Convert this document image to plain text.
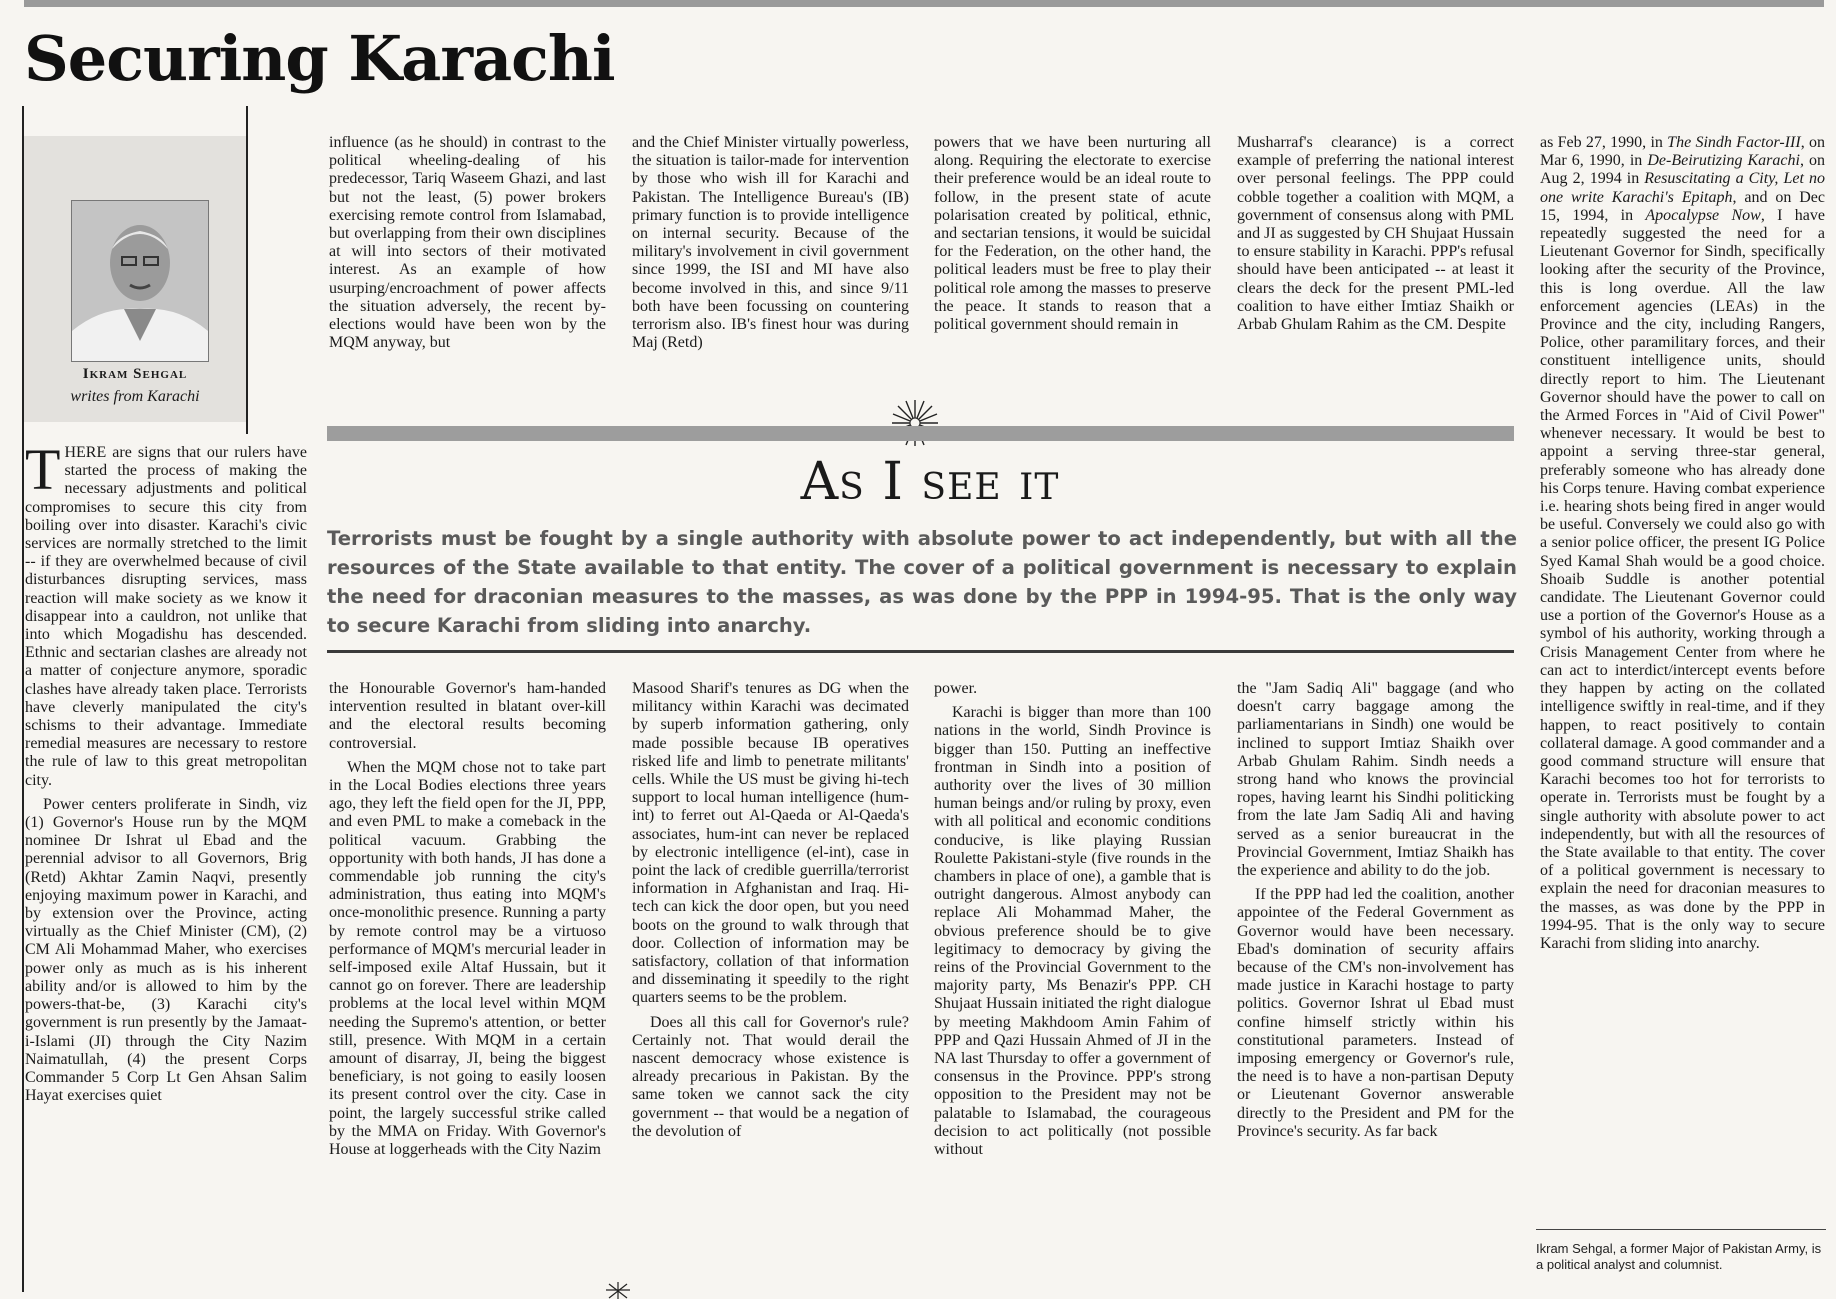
Securing Karachi
Ikram Sehgal
writes from Karachi

THERE are signs that our rulers have started the process of making the necessary adjustments and political compromises to secure this city from boiling over into disaster. Karachi's civic services are normally stretched to the limit -- if they are overwhelmed because of civil disturbances disrupting services, mass reaction will make society as we know it disappear into a cauldron, not unlike that into which Mogadishu has descended. Ethnic and sectarian clashes are already not a matter of conjecture anymore, sporadic clashes have already taken place. Terrorists have cleverly manipulated the city's schisms to their advantage. Immediate remedial measures are necessary to restore the rule of law to this great metropolitan city.

Power centers proliferate in Sindh, viz (1) Governor's House run by the MQM nominee Dr Ishrat ul Ebad and the perennial advisor to all Governors, Brig (Retd) Akhtar Zamin Naqvi, presently enjoying maximum power in Karachi, and by extension over the Province, acting virtually as the Chief Minister (CM), (2) CM Ali Mohammad Maher, who exercises power only as much as is his inherent ability and/or is allowed to him by the powers-that-be, (3) Karachi city's government is run presently by the Jamaat-i-Islami (JI) through the City Nazim Naimatullah, (4) the present Corps Commander 5 Corp Lt Gen Ahsan Salim Hayat exercises quiet

influence (as he should) in contrast to the political wheeling-dealing of his predecessor, Tariq Waseem Ghazi, and last but not the least, (5) power brokers exercising remote control from Islamabad, but overlapping from their own disciplines at will into sectors of their motivated interest. As an example of how usurping/encroachment of power affects the situation adversely, the recent by-elections would have been won by the MQM anyway, but

and the Chief Minister virtually powerless, the situation is tailor-made for intervention by those who wish ill for Karachi and Pakistan. The Intelligence Bureau's (IB) primary function is to provide intelligence on internal security. Because of the military's involvement in civil government since 1999, the ISI and MI have also become involved in this, and since 9/11 both have been focussing on countering terrorism also. IB's finest hour was during Maj (Retd)

powers that we have been nurturing all along. Requiring the electorate to exercise their preference would be an ideal route to follow, in the present state of acute polarisation created by political, ethnic, and sectarian tensions, it would be suicidal for the Federation, on the other hand, the political leaders must be free to play their political role among the masses to preserve the peace. It stands to reason that a political government should remain in

Musharraf's clearance) is a correct example of preferring the national interest over personal feelings. The PPP could cobble together a coalition with MQM, a government of consensus along with PML and JI as suggested by CH Shujaat Hussain to ensure stability in Karachi. PPP's refusal should have been anticipated -- at least it clears the deck for the present PML-led coalition to have either Imtiaz Shaikh or Arbab Ghulam Rahim as the CM. Despite

as Feb 27, 1990, in The Sindh Factor-III, on Mar 6, 1990, in De-Beirutizing Karachi, on Aug 2, 1994 in Resuscitating a City, Let no one write Karachi's Epitaph, and on Dec 15, 1994, in Apocalypse Now, I have repeatedly suggested the need for a Lieutenant Governor for Sindh, specifically looking after the security of the Province, this is long overdue. All the law enforcement agencies (LEAs) in the Province and the city, including Rangers, Police, other paramilitary forces, and their constituent intelligence units, should directly report to him. The Lieutenant Governor should have the power to call on the Armed Forces in "Aid of Civil Power" whenever necessary. It would be best to appoint a serving three-star general, preferably someone who has already done his Corps tenure. Having combat experience i.e. hearing shots being fired in anger would be useful. Conversely we could also go with a senior police officer, the present IG Police Syed Kamal Shah would be a good choice. Shoaib Suddle is another potential candidate. The Lieutenant Governor could use a portion of the Governor's House as a symbol of his authority, working through a Crisis Management Center from where he can act to interdict/intercept events before they happen by acting on the collated intelligence swiftly in real-time, and if they happen, to react positively to contain collateral damage. A good commander and a good command structure will ensure that Karachi becomes too hot for terrorists to operate in. Terrorists must be fought by a single authority with absolute power to act independently, but with all the resources of the State available to that entity. The cover of a political government is necessary to explain the need for draconian measures to the masses, as was done by the PPP in 1994-95. That is the only way to secure Karachi from sliding into anarchy.

As I see it
Terrorists must be fought by a single authority with absolute power to act independently, but with all the resources of the State available to that entity. The cover of a political government is necessary to explain the need for draconian measures to the masses, as was done by the PPP in 1994-95. That is the only way to secure Karachi from sliding into anarchy.

the Honourable Governor's ham-handed intervention resulted in blatant over-kill and the electoral results becoming controversial.

When the MQM chose not to take part in the Local Bodies elections three years ago, they left the field open for the JI, PPP, and even PML to make a comeback in the political vacuum. Grabbing the opportunity with both hands, JI has done a commendable job running the city's administration, thus eating into MQM's once-monolithic presence. Running a party by remote control may be a virtuoso performance of MQM's mercurial leader in self-imposed exile Altaf Hussain, but it cannot go on forever. There are leadership problems at the local level within MQM needing the Supremo's attention, or better still, presence. With MQM in a certain amount of disarray, JI, being the biggest beneficiary, is not going to easily loosen its present control over the city. Case in point, the largely successful strike called by the MMA on Friday. With Governor's House at loggerheads with the City Nazim

Masood Sharif's tenures as DG when the militancy within Karachi was decimated by superb information gathering, only made possible because IB operatives risked life and limb to penetrate militants' cells. While the US must be giving hi-tech support to local human intelligence (hum-int) to ferret out Al-Qaeda or Al-Qaeda's associates, hum-int can never be replaced by electronic intelligence (el-int), case in point the lack of credible guerrilla/terrorist information in Afghanistan and Iraq. Hi-tech can kick the door open, but you need boots on the ground to walk through that door. Collection of information may be satisfactory, collation of that information and disseminating it speedily to the right quarters seems to be the problem.

Does all this call for Governor's rule? Certainly not. That would derail the nascent democracy whose existence is already precarious in Pakistan. By the same token we cannot sack the city government -- that would be a negation of the devolution of

power.

Karachi is bigger than more than 100 nations in the world, Sindh Province is bigger than 150. Putting an ineffective frontman in Sindh into a position of authority over the lives of 30 million human beings and/or ruling by proxy, even with all political and economic conditions conducive, is like playing Russian Roulette Pakistani-style (five rounds in the chambers in place of one), a gamble that is outright dangerous. Almost anybody can replace Ali Mohammad Maher, the obvious preference should be to give legitimacy to democracy by giving the reins of the Provincial Government to the majority party, Ms Benazir's PPP. CH Shujaat Hussain initiated the right dialogue by meeting Makhdoom Amin Fahim of PPP and Qazi Hussain Ahmed of JI in the NA last Thursday to offer a government of consensus in the Province. PPP's strong opposition to the President may not be palatable to Islamabad, the courageous decision to act politically (not possible without

the "Jam Sadiq Ali" baggage (and who doesn't carry baggage among the parliamentarians in Sindh) one would be inclined to support Imtiaz Shaikh over Arbab Ghulam Rahim. Sindh needs a strong hand who knows the provincial ropes, having learnt his Sindhi politicking from the late Jam Sadiq Ali and having served as a senior bureaucrat in the Provincial Government, Imtiaz Shaikh has the experience and ability to do the job.

If the PPP had led the coalition, another appointee of the Federal Government as Governor would have been necessary. Ebad's domination of security affairs because of the CM's non-involvement has made justice in Karachi hostage to party politics. Governor Ishrat ul Ebad must confine himself strictly within his constitutional parameters. Instead of imposing emergency or Governor's rule, the need is to have a non-partisan Deputy or Lieutenant Governor answerable directly to the President and PM for the Province's security. As far back

Ikram Sehgal, a former Major of Pakistan Army, is a political analyst and columnist.
